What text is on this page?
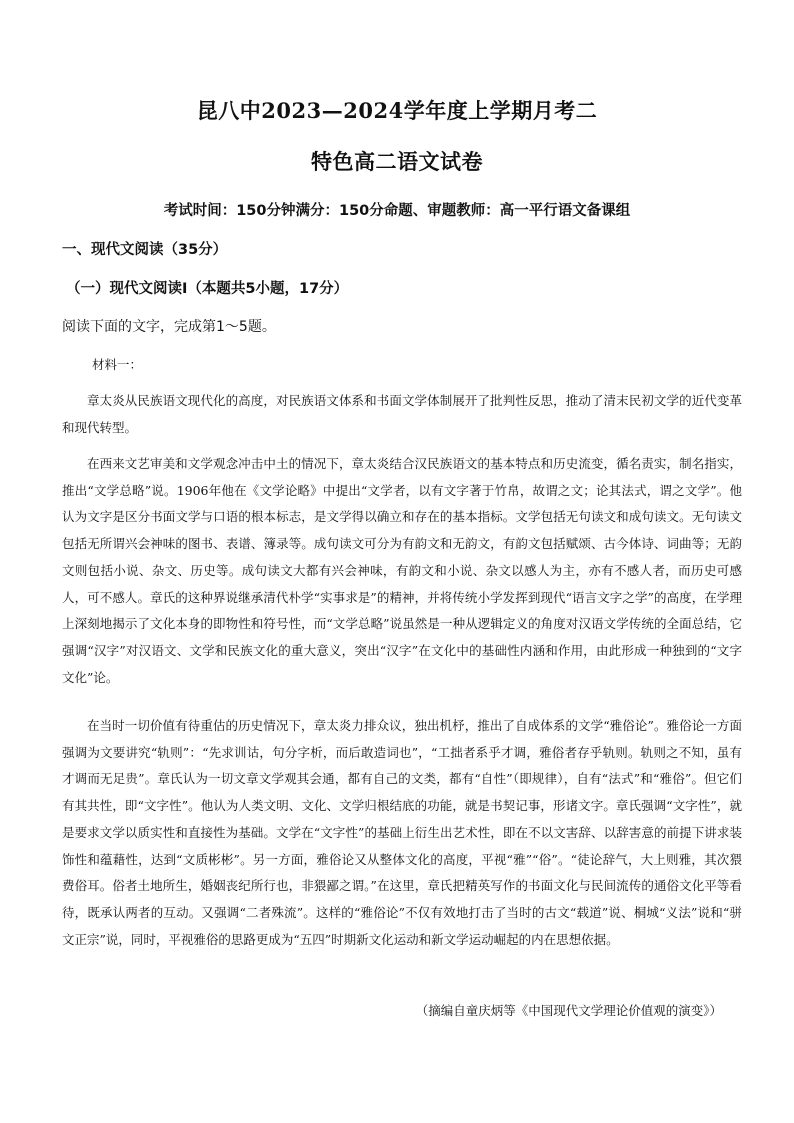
昆八中2023—2024学年度上学期月考二
特色高二语文试卷
考试时间：150分钟满分：150分命题、审题教师：高一平行语文备课组
一、现代文阅读（35分）
（一）现代文阅读Ⅰ（本题共5小题，17分）
阅读下面的文字，完成第1～5题。
材料一：

章太炎从民族语文现代化的高度，对民族语文体系和书面文学体制展开了批判性反思，推动了清末民初文学的近代变革和现代转型。

在西来文艺审美和文学观念冲击中土的情况下，章太炎结合汉民族语文的基本特点和历史流变，循名责实，制名指实，推出“文学总略”说。1906年他在《文学论略》中提出“文学者，以有文字著于竹帛，故谓之文；论其法式，谓之文学”。他认为文字是区分书面文学与口语的根本标志，是文学得以确立和存在的基本指标。文学包括无句读文和成句读文。无句读文包括无所谓兴会神味的图书、表谱、簿录等。成句读文可分为有韵文和无韵文，有韵文包括赋颂、古今体诗、词曲等；无韵文则包括小说、杂文、历史等。成句读文大都有兴会神味，有韵文和小说、杂文以感人为主，亦有不感人者，而历史可感人，可不感人。章氏的这种界说继承清代朴学“实事求是”的精神，并将传统小学发挥到现代“语言文字之学”的高度，在学理上深刻地揭示了文化本身的即物性和符号性，而“文学总略”说虽然是一种从逻辑定义的角度对汉语文学传统的全面总结，它强调“汉字”对汉语文、文学和民族文化的重大意义，突出“汉字”在文化中的基础性内涵和作用，由此形成一种独到的“文字文化”论。

在当时一切价值有待重估的历史情况下，章太炎力排众议，独出机杼，推出了自成体系的文学“雅俗论”。雅俗论一方面强调为文要讲究“轨则”：“先求训诂，句分字析，而后敢造词也”，“工拙者系乎才调，雅俗者存乎轨则。轨则之不知，虽有才调而无足贵”。章氏认为一切文章文学观其会通，都有自己的文类，都有“自性”（即规律），自有“法式”和“雅俗”。但它们有其共性，即“文字性”。他认为人类文明、文化、文学归根结底的功能，就是书契记事，形诸文字。章氏强调“文字性”，就是要求文学以质实性和直接性为基础。文学在“文字性”的基础上衍生出艺术性，即在不以文害辞、以辞害意的前提下讲求装饰性和蕴藉性，达到“文质彬彬”。另一方面，雅俗论又从整体文化的高度，平视“雅”“俗”。“徒论辞气，大上则雅，其次猥费俗耳。俗者土地所生，婚姻丧纪所行也，非猥鄙之谓。”在这里，章氏把精英写作的书面文化与民间流传的通俗文化平等看待，既承认两者的互动。又强调“二者殊流”。这样的“雅俗论”不仅有效地打击了当时的古文“载道”说、桐城“义法”说和“骈文正宗”说，同时，平视雅俗的思路更成为“五四”时期新文化运动和新文学运动崛起的内在思想依据。

（摘编自童庆炳等《中国现代文学理论价值观的演变》）
